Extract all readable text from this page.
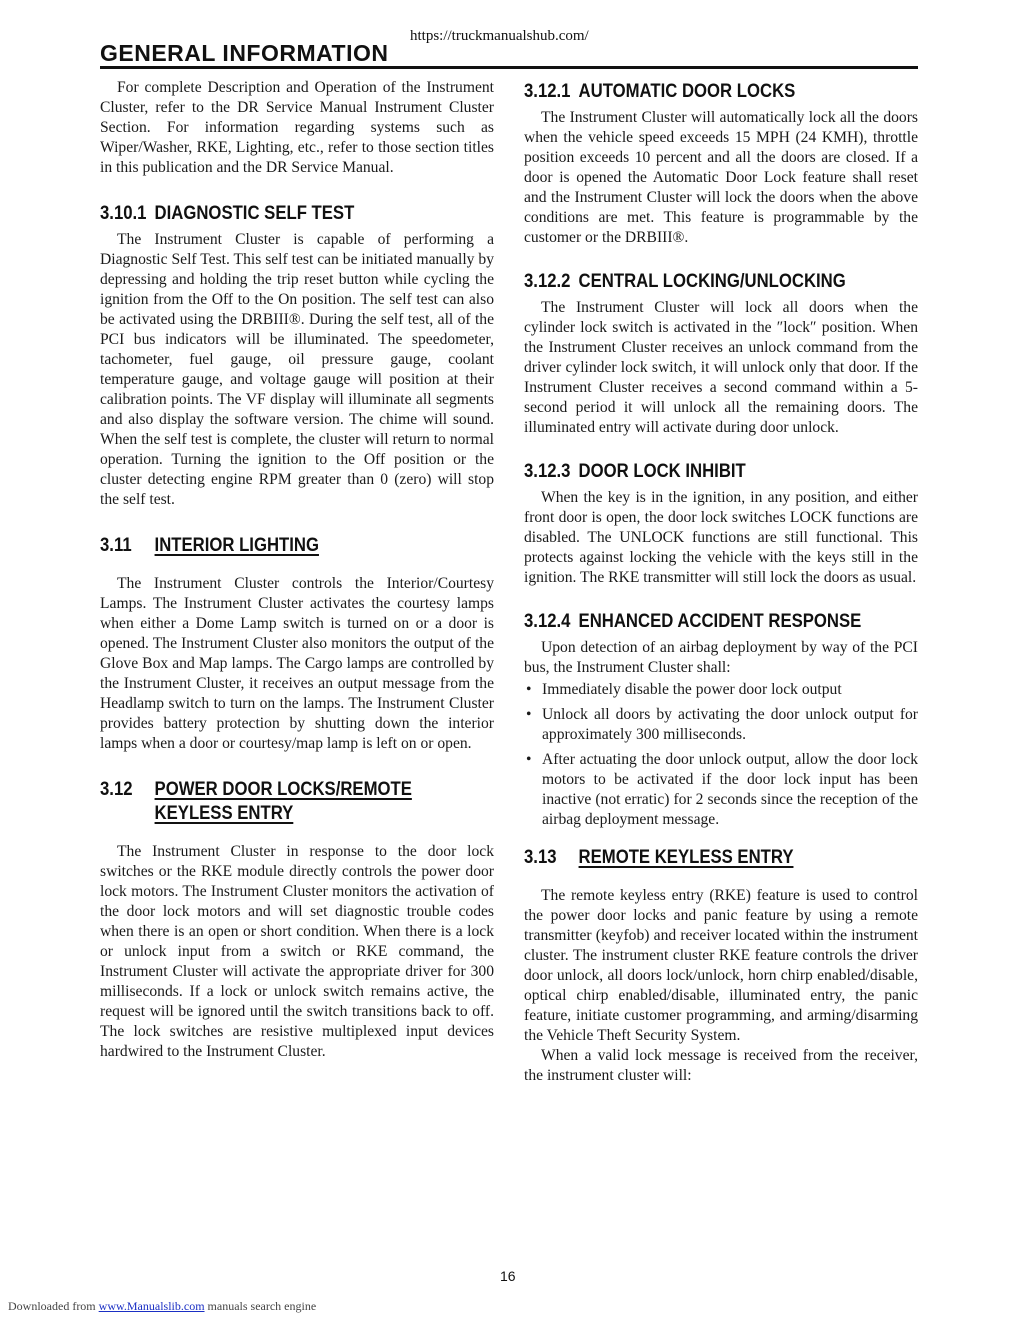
https://truckmanualshub.com/
GENERAL INFORMATION

For complete Description and Operation of the Instrument Cluster, refer to the DR Service Manual Instrument Cluster Section. For information regarding systems such as Wiper/Washer, RKE, Lighting, etc., refer to those section titles in this publication and the DR Service Manual.

3.10.1 DIAGNOSTIC SELF TEST

The Instrument Cluster is capable of performing a Diagnostic Self Test. This self test can be initiated manually by depressing and holding the trip reset button while cycling the ignition from the Off to the On position. The self test can also be activated using the DRBIII®. During the self test, all of the PCI bus indicators will be illuminated. The speedometer, tachometer, fuel gauge, oil pressure gauge, coolant temperature gauge, and voltage gauge will position at their calibration points. The VF display will illuminate all segments and also display the software version. The chime will sound. When the self test is complete, the cluster will return to normal operation. Turning the ignition to the Off position or the cluster detecting engine RPM greater than 0 (zero) will stop the self test.

3.11 INTERIOR LIGHTING

The Instrument Cluster controls the Interior/Courtesy Lamps. The Instrument Cluster activates the courtesy lamps when either a Dome Lamp switch is turned on or a door is opened. The Instrument Cluster also monitors the output of the Glove Box and Map lamps. The Cargo lamps are controlled by the Instrument Cluster, it receives an output message from the Headlamp switch to turn on the lamps. The Instrument Cluster provides battery protection by shutting down the interior lamps when a door or courtesy/map lamp is left on or open.

3.12	POWER DOOR LOCKS/REMOTE
KEYLESS ENTRY

The Instrument Cluster in response to the door lock switches or the RKE module directly controls the power door lock motors. The Instrument Cluster monitors the activation of the door lock motors and will set diagnostic trouble codes when there is an open or short condition. When there is a lock or unlock input from a switch or RKE command, the Instrument Cluster will activate the appropriate driver for 300 milliseconds. If a lock or unlock switch remains active, the request will be ignored until the switch transitions back to off. The lock switches are resistive multiplexed input devices hardwired to the Instrument Cluster.

3.12.1 AUTOMATIC DOOR LOCKS

The Instrument Cluster will automatically lock all the doors when the vehicle speed exceeds 15 MPH (24 KMH), throttle position exceeds 10 percent and all the doors are closed. If a door is opened the Automatic Door Lock feature shall reset and the Instrument Cluster will lock the doors when the above conditions are met. This feature is programmable by the customer or the DRBIII®.

3.12.2 CENTRAL LOCKING/UNLOCKING

The Instrument Cluster will lock all doors when the cylinder lock switch is activated in the ″lock″ position. When the Instrument Cluster receives an unlock command from the driver cylinder lock switch, it will unlock only that door. If the Instrument Cluster receives a second command within a 5-second period it will unlock all the remaining doors. The illuminated entry will activate during door unlock.

3.12.3 DOOR LOCK INHIBIT

When the key is in the ignition, in any position, and either front door is open, the door lock switches LOCK functions are disabled. The UNLOCK functions are still functional. This protects against locking the vehicle with the keys still in the ignition. The RKE transmitter will still lock the doors as usual.

3.12.4 ENHANCED ACCIDENT RESPONSE

Upon detection of an airbag deployment by way of the PCI bus, the Instrument Cluster shall:

• Immediately disable the power door lock output
• Unlock all doors by activating the door unlock output for approximately 300 milliseconds.
• After actuating the door unlock output, allow the door lock motors to be activated if the door lock input has been inactive (not erratic) for 2 seconds since the reception of the airbag deployment message.
3.13 REMOTE KEYLESS ENTRY

The remote keyless entry (RKE) feature is used to control the power door locks and panic feature by using a remote transmitter (keyfob) and receiver located within the instrument cluster. The instrument cluster RKE feature controls the driver door unlock, all doors lock/unlock, horn chirp enabled/disable, optical chirp enabled/disable, illuminated entry, the panic feature, initiate customer programming, and arming/disarming the Vehicle Theft Security System.

When a valid lock message is received from the receiver, the instrument cluster will:

16
Downloaded from www.Manualslib.com manuals search engine
